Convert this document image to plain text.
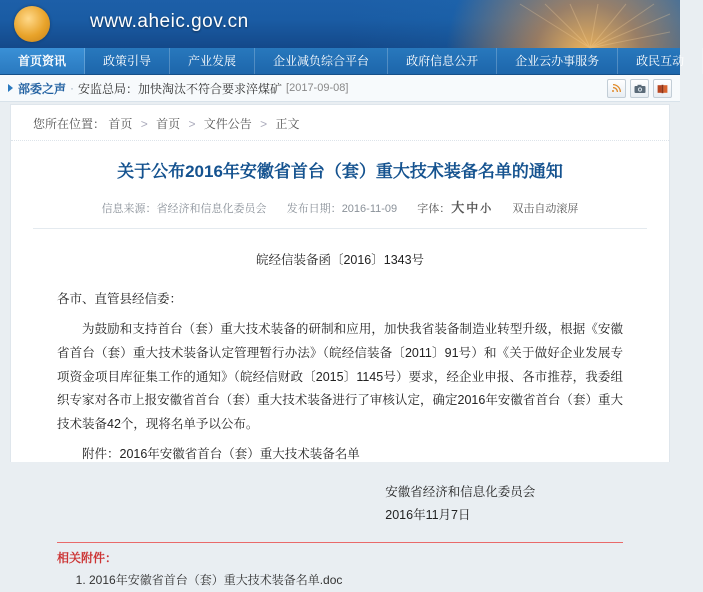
www.aheic.gov.cn
首页资讯	政策引导	产业发展	企业减负综合平台	政府信息公开	企业云办事服务	政民互动
部委之声 · 安监总局：加快淘汰不符合要求淬煤矿 [2017-09-08]
您所在位置： 首页 > 首页 > 文件公告 > 正文
关于公布2016年安徽省首台（套）重大技术装备名单的通知
信息来源：省经济和信息化委员会 发布日期：2016-11-09 字体：大 中 小 双击自动滚屏
皖经信装备函〔2016〕1343号

各市、直管县经信委：

为鼓励和支持首台（套）重大技术装备的研制和应用，加快我省装备制造业转型升级，根据《安徽省首台（套）重大技术装备认定管理暂行办法》（皖经信装备〔2011〕91号）和《关于做好企业发展专项资金项目库征集工作的通知》（皖经信财政〔2015〕1145号）要求，经企业申报、各市推荐，我委组织专家对各市上报安徽省首台（套）重大技术装备进行了审核认定，确定2016年安徽省首台（套）重大技术装备42个，现将名单予以公布。

附件：2016年安徽省首台（套）重大技术装备名单

安徽省经济和信息化委员会
2016年11月7日
相关附件：
1. 2016年安徽省首台（套）重大技术装备名单.doc
